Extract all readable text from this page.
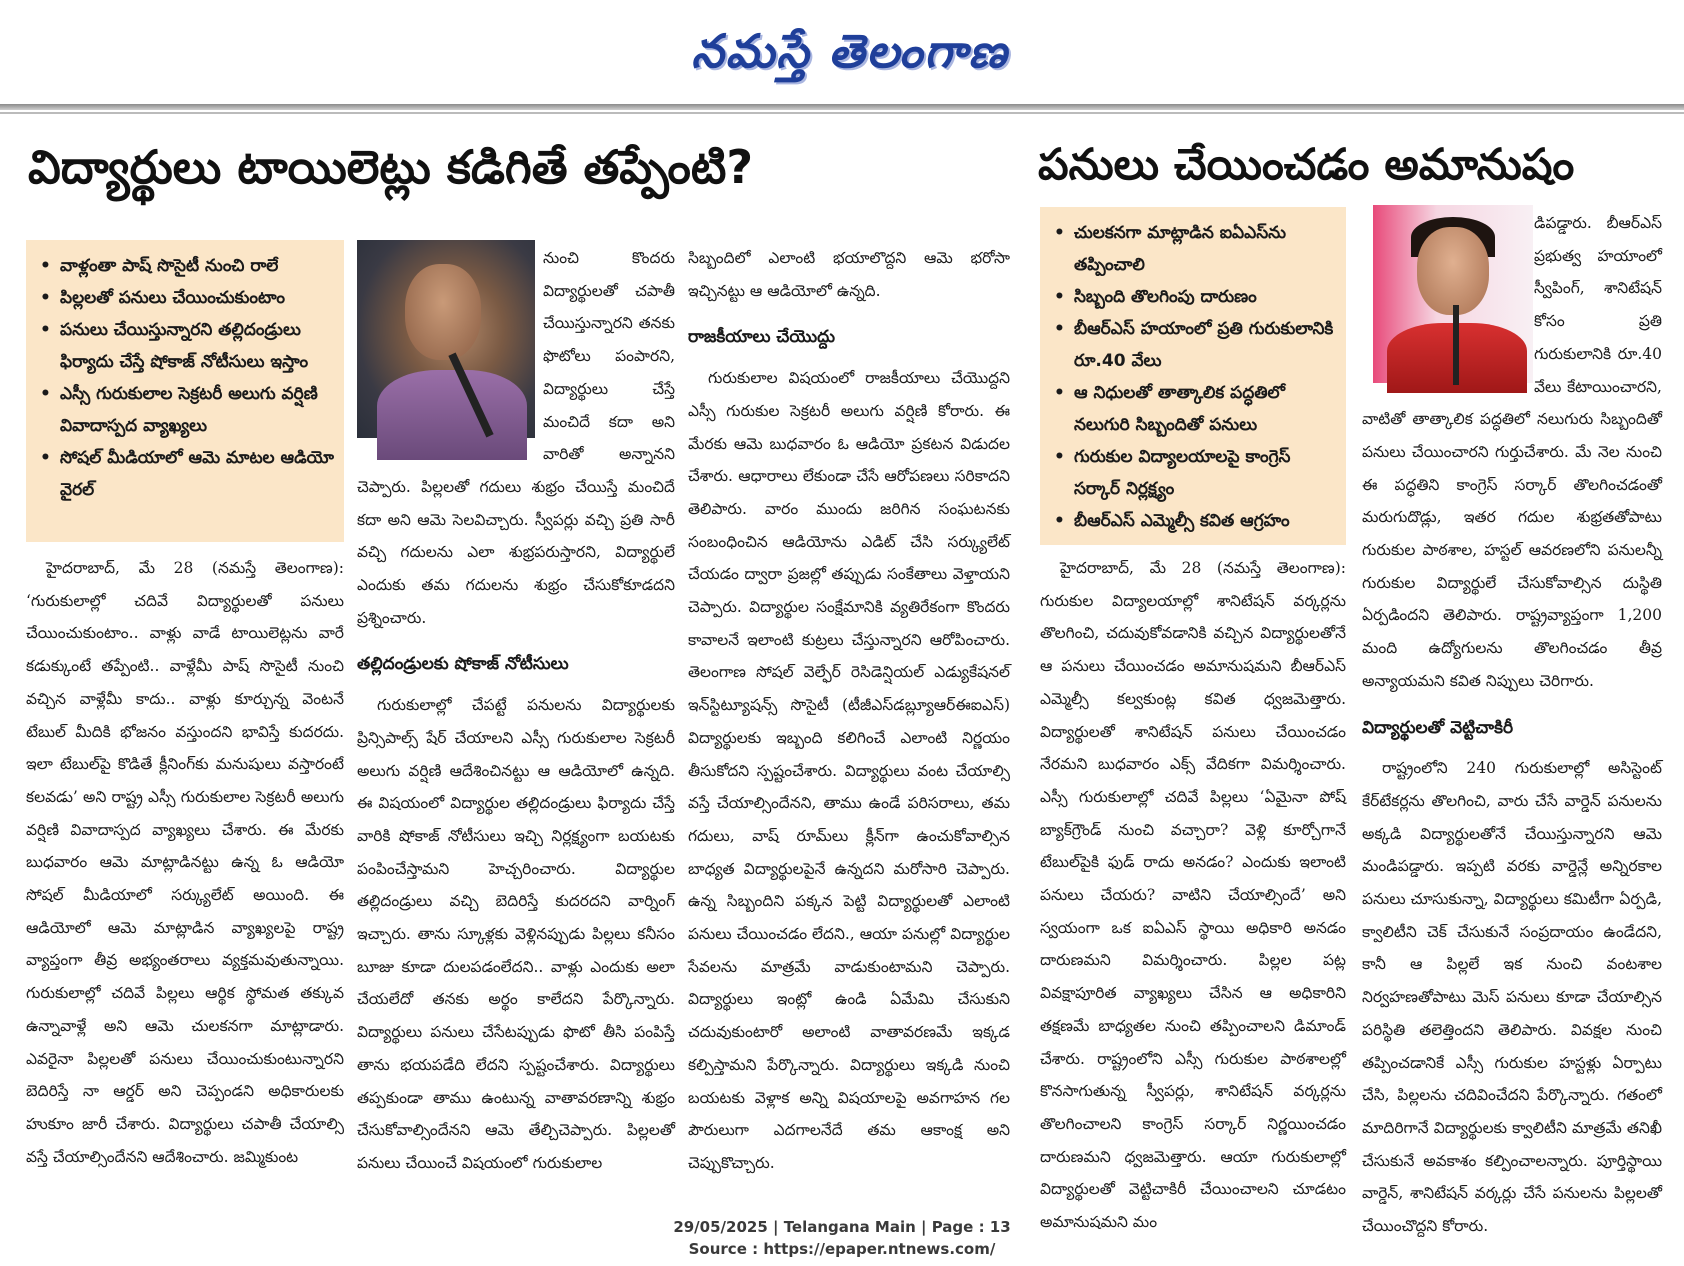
నమస్తే తెలంగాణ
విద్యార్థులు టాయిలెట్లు కడిగితే తప్పేంటి?
• వాళ్లంతా పాష్ సొసైటీ నుంచి రాలే
• పిల్లలతో పనులు చేయించుకుంటాం
• పనులు చేయిస్తున్నారని తల్లిదండ్రులు ఫిర్యాదు చేస్తే షోకాజ్ నోటీసులు ఇస్తాం
• ఎస్సీ గురుకులాల సెక్రటరీ అలుగు వర్షిణి వివాదాస్పద వ్యాఖ్యలు
• సోషల్ మీడియాలో ఆమె మాటల ఆడియో వైరల్

హైదరాబాద్, మే 28 (నమస్తే తెలంగాణ): ‘గురుకులాల్లో చదివే విద్యార్థులతో పనులు చేయించుకుంటాం.. వాళ్లు వాడే టాయిలెట్లను వారే కడుక్కుంటే తప్పేంటి.. వాళ్లేమీ పాష్ సొసైటీ నుంచి వచ్చిన వాళ్లేమీ కాదు.. వాళ్లు కూర్చున్న వెంటనే టేబుల్ మీదికి భోజనం వస్తుందని భావిస్తే కుదరదు. ఇలా టేబుల్‌పై కొడితే క్లీనింగ్‌కు మనుషులు వస్తారంటే కలవడు’ అని రాష్ట్ర ఎస్సీ గురుకులాల సెక్రటరీ అలుగు వర్షిణి వివాదాస్పద వ్యాఖ్యలు చేశారు. ఈ మేరకు బుధవారం ఆమె మాట్లాడినట్టు ఉన్న ఓ ఆడియో సోషల్ మీడియాలో సర్క్యులేట్ అయింది. ఈ ఆడియోలో ఆమె మాట్లాడిన వ్యాఖ్యలపై రాష్ట్ర వ్యాప్తంగా తీవ్ర అభ్యంతరాలు వ్యక్తమవుతున్నాయి. గురుకులాల్లో చదివే పిల్లలు ఆర్థిక స్థోమత తక్కువ ఉన్నావాళ్లే అని ఆమె చులకనగా మాట్లాడారు. ఎవరైనా పిల్లలతో పనులు చేయించుకుంటున్నారని బెదిరిస్తే నా ఆర్డర్ అని చెప్పండని అధికారులకు హుకూం జారీ చేశారు. విద్యార్థులు చపాతీ చేయాల్సి వస్తే చేయాల్సిందేనని ఆదేశించారు. జమ్మికుంట

నుంచి కొందరు విద్యార్థులతో చపాతీ చేయిస్తున్నారని తనకు ఫొటోలు పంపారని, విద్యార్థులు చేస్తే మంచిదే కదా అని వారితో అన్నానని చెప్పారు. పిల్లలతో గదులు శుభ్రం చేయిస్తే మంచిదే కదా అని ఆమె సెలవిచ్చారు. స్వీపర్లు వచ్చి ప్రతి సారీ వచ్చి గదులను ఎలా శుభ్రపరుస్తారని, విద్యార్థులే ఎందుకు తమ గదులను శుభ్రం చేసుకోకూడదని ప్రశ్నించారు.

తల్లిదండ్రులకు షోకాజ్ నోటీసులు

గురుకులాల్లో చేపట్టే పనులను విద్యార్థులకు ప్రిన్సిపాల్స్ షేర్ చేయాలని ఎస్సీ గురుకులాల సెక్రటరీ అలుగు వర్షిణి ఆదేశించినట్టు ఆ ఆడియోలో ఉన్నది. ఈ విషయంలో విద్యార్థుల తల్లిదండ్రులు ఫిర్యాదు చేస్తే వారికి షోకాజ్ నోటీసులు ఇచ్చి నిర్లక్ష్యంగా బయటకు పంపించేస్తామని హెచ్చరించారు. విద్యార్థుల తల్లిదండ్రులు వచ్చి బెదిరిస్తే కుదరదని వార్నింగ్ ఇచ్చారు. తాను స్కూళ్లకు వెళ్లినప్పుడు పిల్లలు కనీసం బూజు కూడా దులపడంలేదని.. వాళ్లు ఎందుకు అలా చేయలేదో తనకు అర్థం కాలేదని పేర్కొన్నారు. విద్యార్థులు పనులు చేసేటప్పుడు ఫొటో తీసి పంపిస్తే తాను భయపడేది లేదని స్పష్టంచేశారు. విద్యార్థులు తప్పకుండా తాము ఉంటున్న వాతావరణాన్ని శుభ్రం చేసుకోవాల్సిందేనని ఆమె తేల్చిచెప్పారు. పిల్లలతో పనులు చేయించే విషయంలో గురుకులాల

సిబ్బందిలో ఎలాంటి భయాలొద్దని ఆమె భరోసా ఇచ్చినట్టు ఆ ఆడియోలో ఉన్నది.

రాజకీయాలు చేయొద్దు

గురుకులాల విషయంలో రాజకీయాలు చేయొద్దని ఎస్సీ గురుకుల సెక్రటరీ అలుగు వర్షిణి కోరారు. ఈ మేరకు ఆమె బుధవారం ఓ ఆడియో ప్రకటన విడుదల చేశారు. ఆధారాలు లేకుండా చేసే ఆరోపణలు సరికాదని తెలిపారు. వారం ముందు జరిగిన సంఘటనకు సంబంధించిన ఆడియోను ఎడిట్ చేసి సర్క్యులేట్ చేయడం ద్వారా ప్రజల్లో తప్పుడు సంకేతాలు వెళ్తాయని చెప్పారు. విద్యార్థుల సంక్షేమానికి వ్యతిరేకంగా కొందరు కావాలనే ఇలాంటి కుట్రలు చేస్తున్నారని ఆరోపించారు. తెలంగాణ సోషల్ వెల్ఫేర్ రెసిడెన్షియల్ ఎడ్యుకేషనల్ ఇన్‌స్టిట్యూషన్స్ సొసైటీ (టీజీఎస్‌డబ్ల్యూఆర్‌ఈఐఎస్) విద్యార్థులకు ఇబ్బంది కలిగించే ఎలాంటి నిర్ణయం తీసుకోదని స్పష్టంచేశారు. విద్యార్థులు వంట చేయాల్సి వస్తే చేయాల్సిందేనని, తాము ఉండే పరిసరాలు, తమ గదులు, వాష్ రూమ్‌లు క్లీన్‌గా ఉంచుకోవాల్సిన బాధ్యత విద్యార్థులపైనే ఉన్నదని మరోసారి చెప్పారు. ఉన్న సిబ్బందిని పక్కన పెట్టి విద్యార్థులతో ఎలాంటి పనులు చేయించడం లేదని., ఆయా పనుల్లో విద్యార్థుల సేవలను మాత్రమే వాడుకుంటామని చెప్పారు. విద్యార్థులు ఇంట్లో ఉండి ఏమేమి చేసుకుని చదువుకుంటారో అలాంటి వాతావరణమే ఇక్కడ కల్పిస్తామని పేర్కొన్నారు. విద్యార్థులు ఇక్కడి నుంచి బయటకు వెళ్లాక అన్ని విషయాలపై అవగాహన గల పౌరులుగా ఎదగాలనేదే తమ ఆకాంక్ష అని చెప్పుకొచ్చారు.

పనులు చేయించడం అమానుషం
• చులకనగా మాట్లాడిన ఐఏఎస్‌ను తప్పించాలి
• సిబ్బంది తొలగింపు దారుణం
• బీఆర్‌ఎస్ హయాంలో ప్రతి గురుకులానికి రూ.40 వేలు
• ఆ నిధులతో తాత్కాలిక పద్ధతిలో నలుగురి సిబ్బందితో పనులు
• గురుకుల విద్యాలయాలపై కాంగ్రెస్ సర్కార్ నిర్లక్ష్యం
• బీఆర్‌ఎస్ ఎమ్మెల్సీ కవిత ఆగ్రహం

హైదరాబాద్, మే 28 (నమస్తే తెలంగాణ): గురుకుల విద్యాలయాల్లో శానిటేషన్ వర్కర్లను తొలగించి, చదువుకోవడానికి వచ్చిన విద్యార్థులతోనే ఆ పనులు చేయించడం అమానుషమని బీఆర్‌ఎస్ ఎమ్మెల్సీ కల్వకుంట్ల కవిత ధ్వజమెత్తారు. విద్యార్థులతో శానిటేషన్ పనులు చేయించడం నేరమని బుధవారం ఎక్స్ వేదికగా విమర్శించారు. ఎస్సీ గురుకులాల్లో చదివే పిల్లలు ‘ఏమైనా పోష్ బ్యాక్‌గ్రౌండ్ నుంచి వచ్చారా? వెళ్లి కూర్చోగానే టేబుల్‌పైకి ఫుడ్ రాదు అనడం? ఎందుకు ఇలాంటి పనులు చేయరు? వాటిని చేయాల్సిందే’ అని స్వయంగా ఒక ఐఏఎస్ స్థాయి అధికారి అనడం దారుణమని విమర్శించారు. పిల్లల పట్ల వివక్షాపూరిత వ్యాఖ్యలు చేసిన ఆ అధికారిని తక్షణమే బాధ్యతల నుంచి తప్పించాలని డిమాండ్ చేశారు. రాష్ట్రంలోని ఎస్సీ గురుకుల పాఠశాలల్లో కొనసాగుతున్న స్వీపర్లు, శానిటేషన్ వర్కర్లను తొలగించాలని కాంగ్రెస్ సర్కార్ నిర్ణయించడం దారుణమని ధ్వజమెత్తారు. ఆయా గురుకులాల్లో విద్యార్థులతో వెట్టిచాకిరీ చేయించాలని చూడటం అమానుషమని మం

డిపడ్డారు. బీఆర్‌ఎస్ ప్రభుత్వ హయాంలో స్వీపింగ్, శానిటేషన్ కోసం ప్రతి గురుకులానికి రూ.40 వేలు కేటాయించారని, వాటితో తాత్కాలిక పద్ధతిలో నలుగురు సిబ్బందితో పనులు చేయించారని గుర్తుచేశారు. మే నెల నుంచి ఈ పద్ధతిని కాంగ్రెస్ సర్కార్ తొలగించడంతో మరుగుదొడ్లు, ఇతర గదుల శుభ్రతతోపాటు గురుకుల పాఠశాల, హస్టల్ ఆవరణలోని పనులన్నీ గురుకుల విద్యార్థులే చేసుకోవాల్సిన దుస్థితి ఏర్పడిందని తెలిపారు. రాష్ట్రవ్యాప్తంగా 1,200 మంది ఉద్యోగులను తొలగించడం తీవ్ర అన్యాయమని కవిత నిప్పులు చెరిగారు.

విద్యార్థులతో వెట్టిచాకిరీ

రాష్ట్రంలోని 240 గురుకులాల్లో అసిస్టెంట్ కేర్‌టేకర్లను తొలగించి, వారు చేసే వార్డెన్ పనులను అక్కడి విద్యార్థులతోనే చేయిస్తున్నారని ఆమె మండిపడ్డారు. ఇప్పటి వరకు వార్డెన్లే అన్నిరకాల పనులు చూసుకున్నా, విద్యార్థులు కమిటీగా ఏర్పడి, క్వాలిటీని చెక్ చేసుకునే సంప్రదాయం ఉండేదని, కానీ ఆ పిల్లలే ఇక నుంచి వంటశాల నిర్వహణతోపాటు మెస్ పనులు కూడా చేయాల్సిన పరిస్థితి తలెత్తిందని తెలిపారు. వివక్షల నుంచి తప్పించడానికే ఎస్సీ గురుకుల హస్టళ్లు ఏర్పాటు చేసి, పిల్లలను చదివించేదని పేర్కొన్నారు. గతంలో మాదిరిగానే విద్యార్థులకు క్వాలిటీని మాత్రమే తనిఖీ చేసుకునే అవకాశం కల్పించాలన్నారు. పూర్తిస్థాయి వార్డెన్, శానిటేషన్ వర్కర్లు చేసే పనులను పిల్లలతో చేయించొద్దని కోరారు.

29/05/2025 | Telangana Main | Page : 13
Source : https://epaper.ntnews.com/
